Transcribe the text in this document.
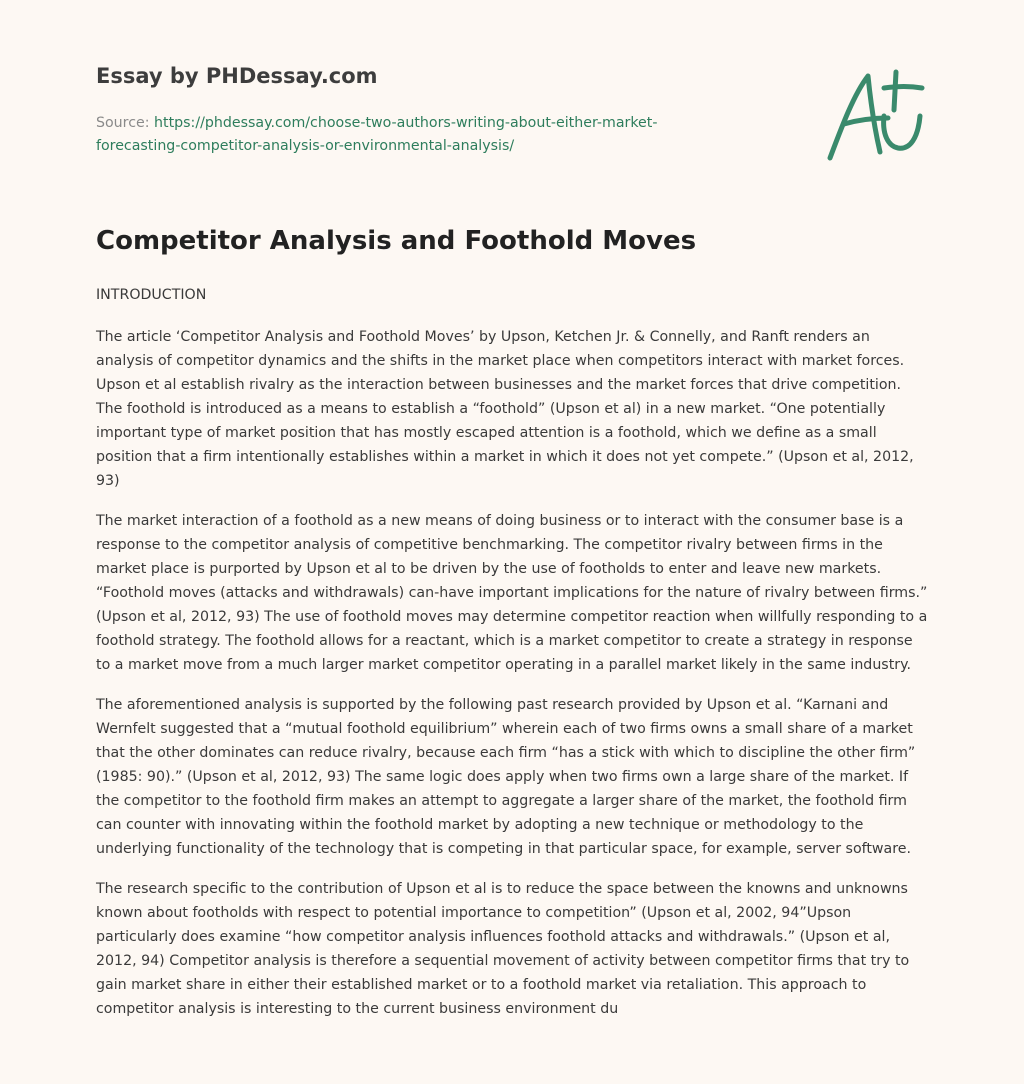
Essay by PHDessay.com

Source: https://phdessay.com/choose-two-authors-writing-about-either-market-
forecasting-competitor-analysis-or-environmental-analysis/

Competitor Analysis and Foothold Moves

INTRODUCTION

The article ‘Competitor Analysis and Foothold Moves’ by Upson, Ketchen Jr. & Connelly, and Ranft renders an analysis of competitor dynamics and the shifts in the market place when competitors interact with market forces. Upson et al establish rivalry as the interaction between businesses and the market forces that drive competition. The foothold is introduced as a means to establish a “foothold” (Upson et al) in a new market. “One potentially important type of market position that has mostly escaped attention is a foothold, which we define as a small position that a firm intentionally establishes within a market in which it does not yet compete.” (Upson et al, 2012, 93)

The market interaction of a foothold as a new means of doing business or to interact with the consumer base is a response to the competitor analysis of competitive benchmarking. The competitor rivalry between firms in the market place is purported by Upson et al to be driven by the use of footholds to enter and leave new markets. “Foothold moves (attacks and withdrawals) can-have important implications for the nature of rivalry between firms.” (Upson et al, 2012, 93) The use of foothold moves may determine competitor reaction when willfully responding to a foothold strategy. The foothold allows for a reactant, which is a market competitor to create a strategy in response to a market move from a much larger market competitor operating in a parallel market likely in the same industry.

The aforementioned analysis is supported by the following past research provided by Upson et al. “Karnani and Wernfelt suggested that a “mutual foothold equilibrium” wherein each of two firms owns a small share of a market that the other dominates can reduce rivalry, because each firm “has a stick with which to discipline the other firm” (1985: 90).” (Upson et al, 2012, 93) The same logic does apply when two firms own a large share of the market. If the competitor to the foothold firm makes an attempt to aggregate a larger share of the market, the foothold firm can counter with innovating within the foothold market by adopting a new technique or methodology to the underlying functionality of the technology that is competing in that particular space, for example, server software.

The research specific to the contribution of Upson et al is to reduce the space between the knowns and unknowns known about footholds with respect to potential importance to competition” (Upson et al, 2002, 94”Upson particularly does examine “how competitor analysis influences foothold attacks and withdrawals.” (Upson et al, 2012, 94) Competitor analysis is therefore a sequential movement of activity between competitor firms that try to gain market share in either their established market or to a foothold market via retaliation. This approach to competitor analysis is interesting to the current business environment du
